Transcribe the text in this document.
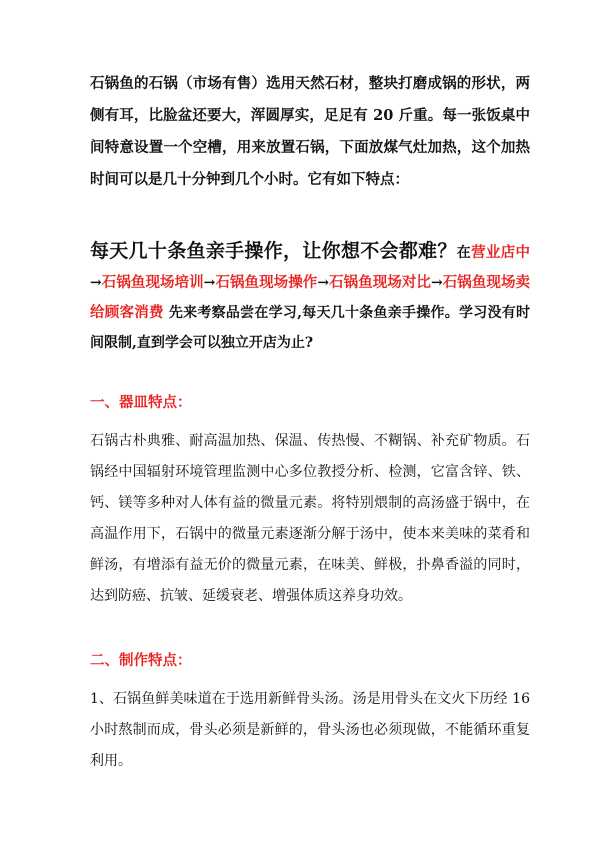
石锅鱼的石锅（市场有售）选用天然石材，整块打磨成锅的形状，两侧有耳，比脸盆还要大，浑圆厚实，足足有 20 斤重。每一张饭桌中间特意设置一个空槽，用来放置石锅，下面放煤气灶加热，这个加热时间可以是几十分钟到几个小时。它有如下特点：

每天几十条鱼亲手操作，让你想不会都难？在营业店中→石锅鱼现场培训→石锅鱼现场操作→石锅鱼现场对比→石锅鱼现场卖给顾客消费 先来考察品尝在学习,每天几十条鱼亲手操作。学习没有时间限制,直到学会可以独立开店为止?

一、器皿特点：

石锅古朴典雅、耐高温加热、保温、传热慢、不糊锅、补充矿物质。石锅经中国辐射环境管理监测中心多位教授分析、检测，它富含锌、铁、钙、镁等多种对人体有益的微量元素。将特别煨制的高汤盛于锅中，在高温作用下，石锅中的微量元素逐渐分解于汤中，使本来美味的菜肴和鲜汤，有增添有益无价的微量元素，在味美、鲜极，扑鼻香溢的同时，达到防癌、抗皱、延缓衰老、增强体质这养身功效。

二、制作特点：

1、石锅鱼鲜美味道在于选用新鲜骨头汤。汤是用骨头在文火下历经 16 小时熬制而成，骨头必须是新鲜的，骨头汤也必须现做，不能循环重复利用。
